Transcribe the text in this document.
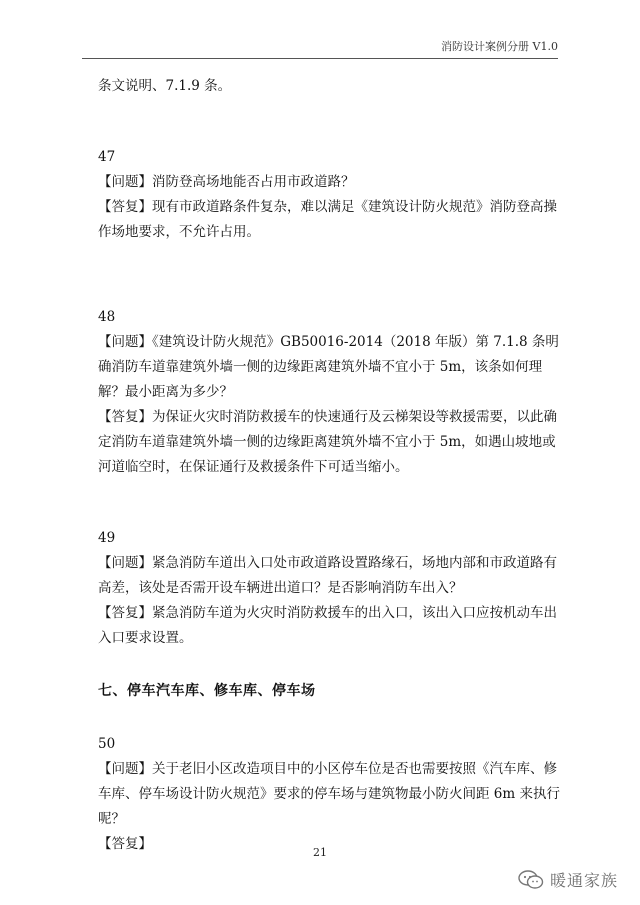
消防设计案例分册 V1.0

条文说明、7.1.9 条。

47

【问题】消防登高场地能否占用市政道路？

【答复】现有市政道路条件复杂，难以满足《建筑设计防火规范》消防登高操作场地要求，不允许占用。

48

【问题】《建筑设计防火规范》GB50016-2014（2018 年版）第 7.1.8 条明确消防车道靠建筑外墙一侧的边缘距离建筑外墙不宜小于 5m，该条如何理解？最小距离为多少？

【答复】为保证火灾时消防救援车的快速通行及云梯架设等救援需要，以此确定消防车道靠建筑外墙一侧的边缘距离建筑外墙不宜小于 5m，如遇山坡地或河道临空时，在保证通行及救援条件下可适当缩小。

49

【问题】紧急消防车道出入口处市政道路设置路缘石，场地内部和市政道路有高差，该处是否需开设车辆进出道口？是否影响消防车出入？

【答复】紧急消防车道为火灾时消防救援车的出入口，该出入口应按机动车出入口要求设置。

七、停车汽车库、修车库、停车场

50

【问题】关于老旧小区改造项目中的小区停车位是否也需要按照《汽车库、修车库、停车场设计防火规范》要求的停车场与建筑物最小防火间距 6m 来执行呢？

【答复】

21
暖通家族
